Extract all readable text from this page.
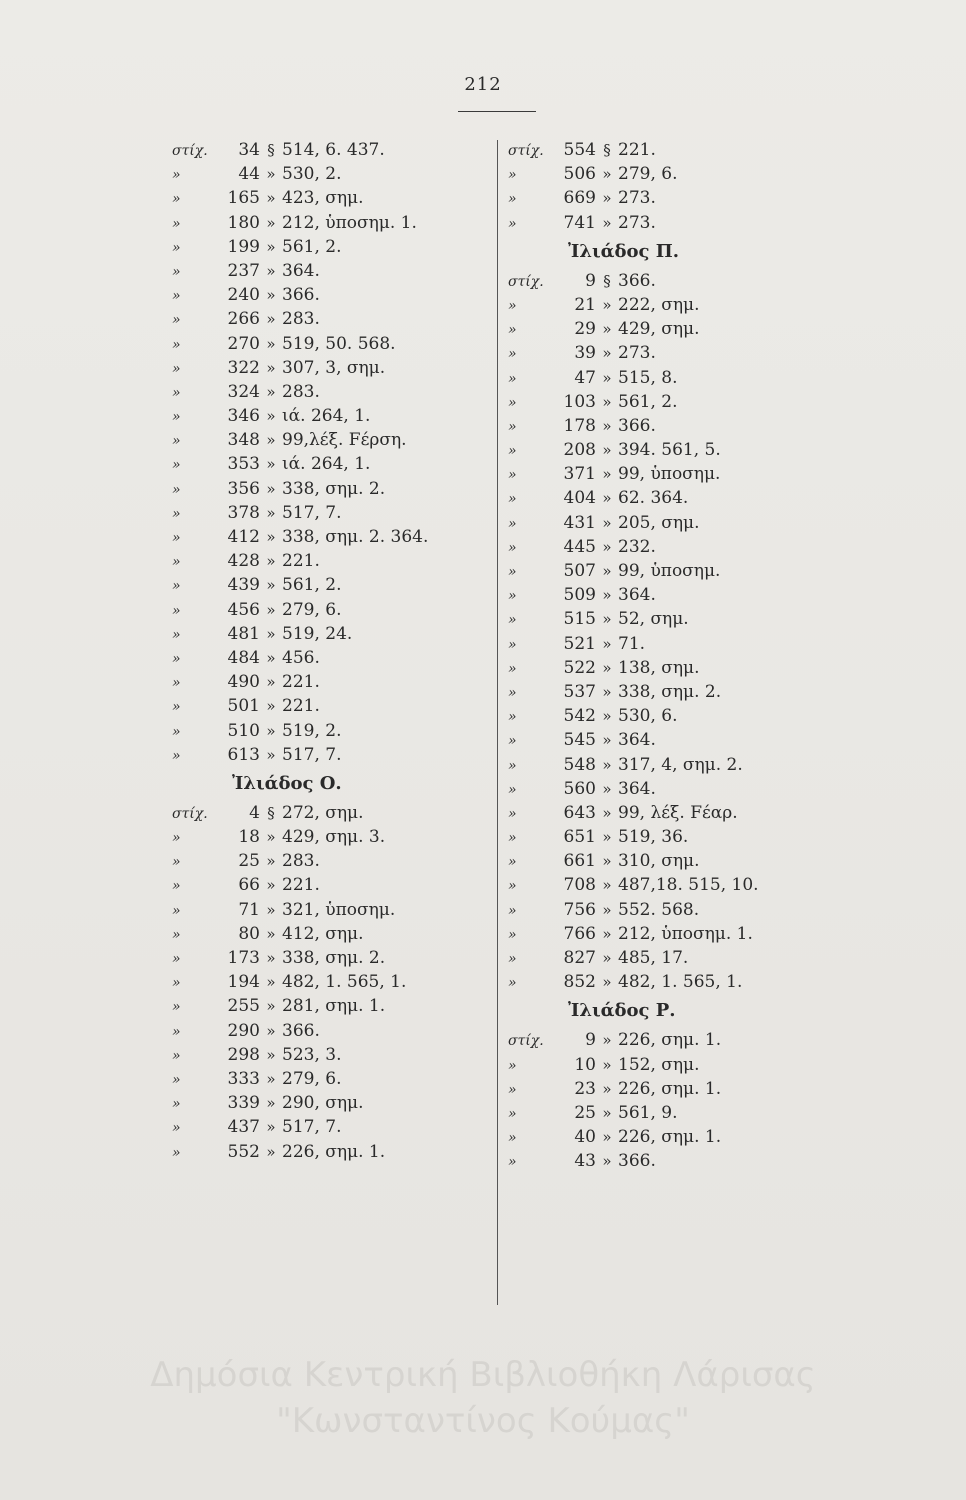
212
στίχ. 34 § 514, 6. 437.
»	44 » 530, 2.
»	165 » 423, σημ.
»	180 » 212, ὑποσημ. 1.
»	199 » 561, 2.
»	237 » 364.
»	240 » 366.
»	266 » 283.
»	270 » 519, 50. 568.
»	322 » 307, 3, σημ.
»	324 » 283.
»	346 » ιά. 264, 1.
»	348 » 99,λέξ. Fέρση.
»	353 » ιά. 264, 1.
»	356 » 338, σημ. 2.
»	378 » 517, 7.
»	412 » 338, σημ. 2. 364.
»	428 » 221.
»	439 » 561, 2.
»	456 » 279, 6.
»	481 » 519, 24.
»	484 » 456.
»	490 » 221.
»	501 » 221.
»	510 » 519, 2.
»	613 » 517, 7.
Ἰλιάδος Ο.
στίχ. 4 § 272, σημ.
»	18 » 429, σημ. 3.
»	25 » 283.
»	66 » 221.
»	71 » 321, ὑποσημ.
»	80 » 412, σημ.
»	173 » 338, σημ. 2.
»	194 » 482, 1. 565, 1.
»	255 » 281, σημ. 1.
»	290 » 366.
»	298 » 523, 3.
»	333 » 279, 6.
»	339 » 290, σημ.
»	437 » 517, 7.
»	552 » 226, σημ. 1.
στίχ. 554 § 221.
»	506 » 279, 6.
»	669 » 273.
»	741 » 273.
Ἰλιάδος Π.
στίχ. 9 § 366.
»	21 » 222, σημ.
»	29 » 429, σημ.
»	39 » 273.
»	47 » 515, 8.
»	103 » 561, 2.
»	178 » 366.
»	208 » 394. 561, 5.
»	371 » 99, ὑποσημ.
»	404 » 62. 364.
»	431 » 205, σημ.
»	445 » 232.
»	507 » 99, ὑποσημ.
»	509 » 364.
»	515 » 52, σημ.
»	521 » 71.
»	522 » 138, σημ.
»	537 » 338, σημ. 2.
»	542 » 530, 6.
»	545 » 364.
»	548 » 317, 4, σημ. 2.
»	560 » 364.
»	643 » 99, λέξ. Fέαρ.
»	651 » 519, 36.
»	661 » 310, σημ.
»	708 » 487,18. 515, 10.
»	756 » 552. 568.
»	766 » 212, ὑποσημ. 1.
»	827 » 485, 17.
»	852 » 482, 1. 565, 1.
Ἰλιάδος Ρ.
στίχ. 9 » 226, σημ. 1.
»	10 » 152, σημ.
»	23 » 226, σημ. 1.
»	25 » 561, 9.
»	40 » 226, σημ. 1.
»	43 » 366.
Δημόσια Κεντρική Βιβλιοθήκη Λάρισας
"Κωνσταντίνος Κούμας"
